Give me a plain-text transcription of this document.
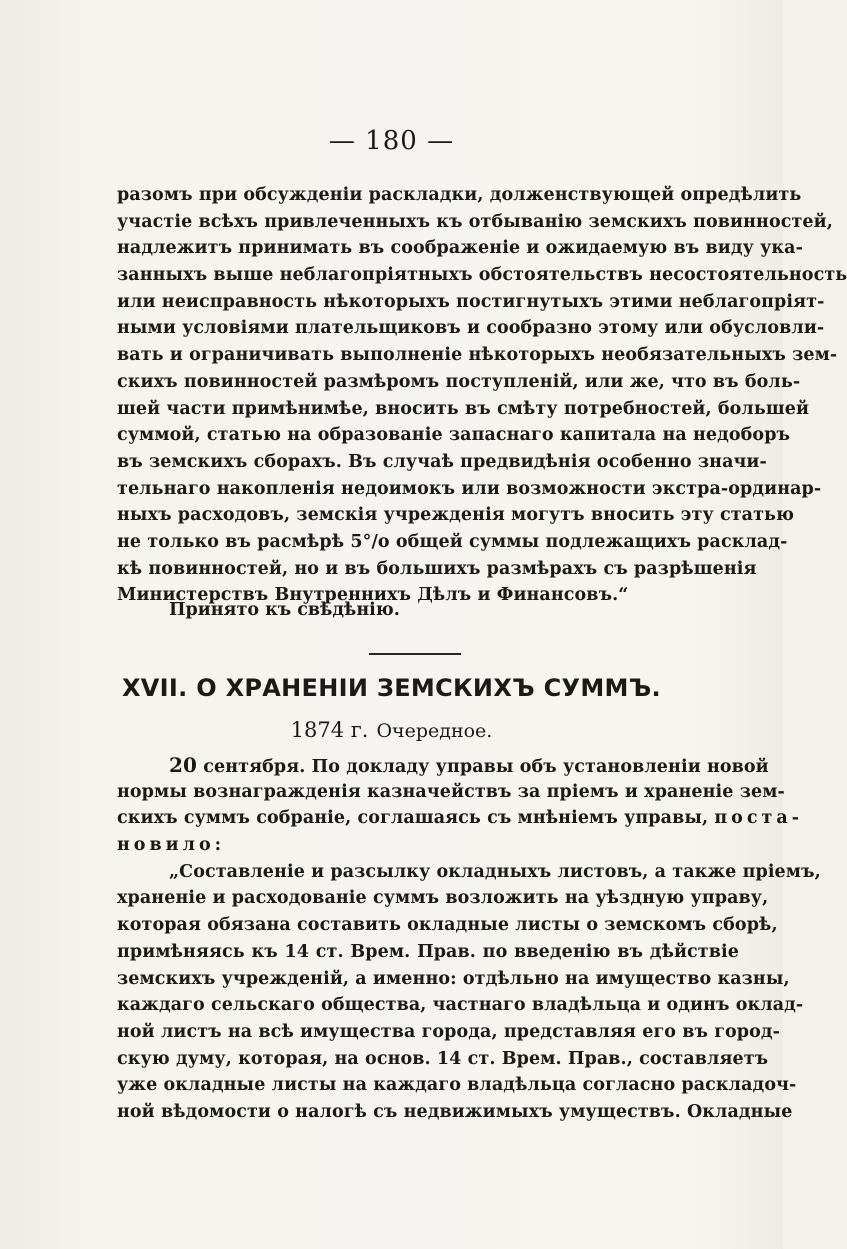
— 180 —
разомъ при обсужденіи раскладки, долженствующей опредѣлить
участіе всѣхъ привлеченныхъ къ отбыванію земскихъ повинностей,
надлежитъ принимать въ соображеніе и ожидаемую въ виду ука-
занныхъ выше неблагопріятныхъ обстоятельствъ несостоятельность
или неисправность нѣкоторыхъ постигнутыхъ этими неблагопріят-
ными условіями плательщиковъ и сообразно этому или обусловли-
вать и ограничивать выполненіе нѣкоторыхъ необязательныхъ зем-
скихъ повинностей размѣромъ поступленій, или же, что въ боль-
шей части примѣнимѣе, вносить въ смѣту потребностей, большей
суммой, статью на образованіе запаснаго капитала на недоборъ
въ земскихъ сборахъ. Въ случаѣ предвидѣнія особенно значи-
тельнаго накопленія недоимокъ или возможности экстра-ординар-
ныхъ расходовъ, земскія учрежденія могутъ вносить эту статью
не только въ расмѣрѣ 5°/о общей суммы подлежащихъ расклад-
кѣ повинностей, но и въ большихъ размѣрахъ съ разрѣшенія
Министерствъ Внутреннихъ Дѣлъ и Финансовъ.“
Принято къ свѣдѣнію.
XVII. О ХРАНЕНІИ ЗЕМСКИХЪ СУММЪ.
1874 г. Очередное.
20 сентября. По докладу управы объ установленіи новой
нормы вознагражденія казначействъ за пріемъ и храненіе зем-
скихъ суммъ собраніе, соглашаясь съ мнѣніемъ управы, поста-
новило:
„Составленіе и разсылку окладныхъ листовъ, а также пріемъ,
храненіе и расходованіе суммъ возложить на уѣздную управу,
которая обязана составить окладные листы о земскомъ сборѣ,
примѣняясь къ 14 ст. Врем. Прав. по введенію въ дѣйствіе
земскихъ учрежденій, а именно: отдѣльно на имущество казны,
каждаго сельскаго общества, частнаго владѣльца и одинъ оклад-
ной листъ на всѣ имущества города, представляя его въ город-
скую думу, которая, на основ. 14 ст. Врем. Прав., составляетъ
уже окладные листы на каждаго владѣльца согласно раскладоч-
ной вѣдомости о налогѣ съ недвижимыхъ умуществъ. Окладные
